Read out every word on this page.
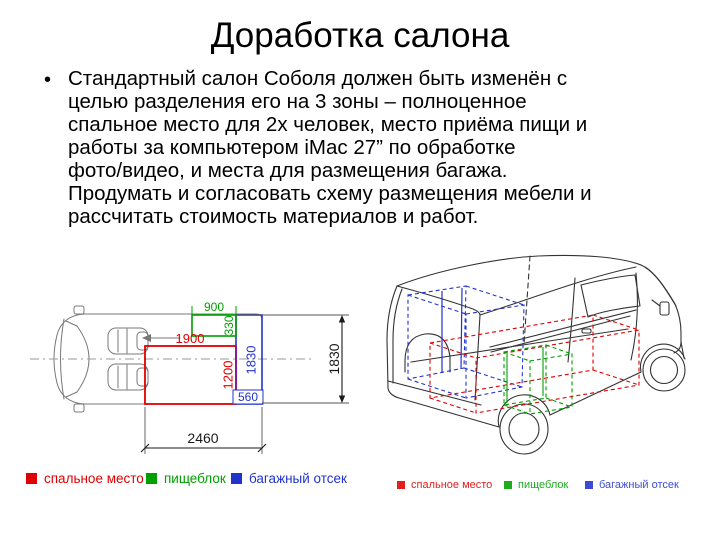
Доработка салона
• Стандартный салон Соболя должен быть изменён с
целью разделения его на 3 зоны – полноценное
спальное место для 2х человек, место приёма пищи и
работы за компьютером iMac 27” по обработке
фото/видео, и места для размещения багажа.
Продумать и согласовать схему размещения мебели и
рассчитать стоимость материалов и работ.
900
330
1900
1200
1830
560
1830
2460
спальное место пищеблок багажный отсек	спальное место пищеблок	багажный отсек
